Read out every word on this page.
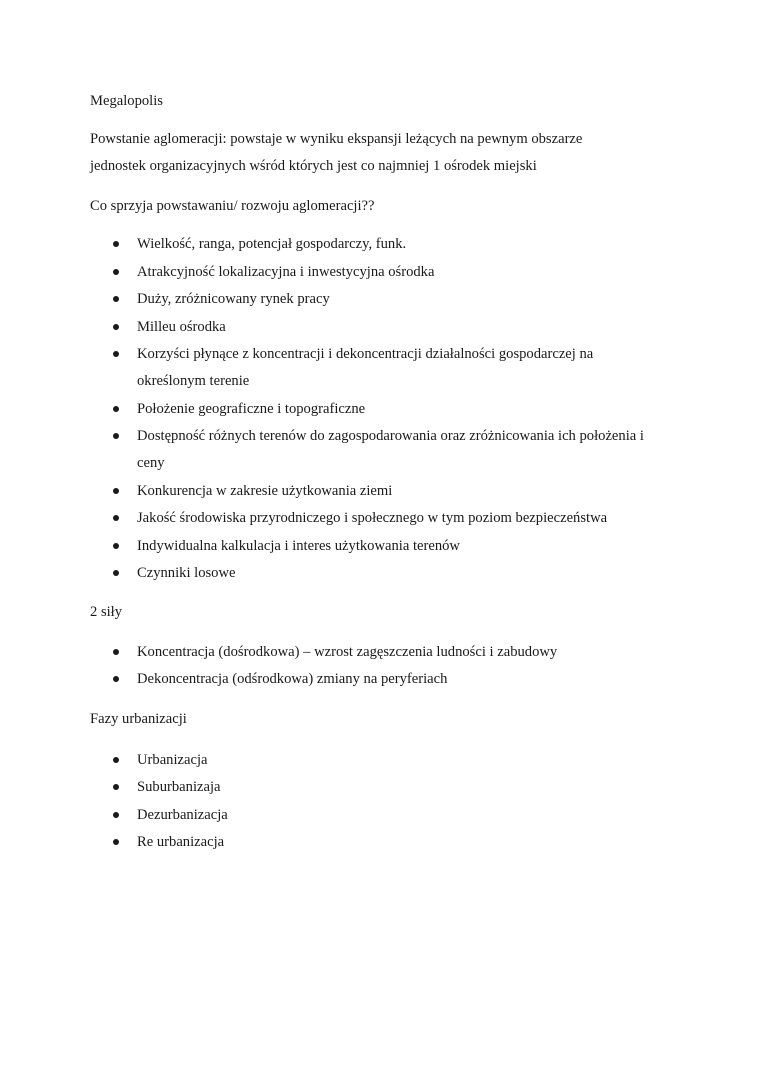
Megalopolis
Powstanie aglomeracji: powstaje w wyniku ekspansji leżących na pewnym obszarze
jednostek organizacyjnych wśród których jest co najmniej 1 ośrodek miejski
Co sprzyja powstawaniu/ rozwoju aglomeracji??
Wielkość, ranga, potencjał gospodarczy, funk.
Atrakcyjność lokalizacyjna i inwestycyjna ośrodka
Duży, zróżnicowany rynek pracy
Milleu ośrodka
Korzyści płynące z koncentracji i dekoncentracji działalności gospodarczej na
określonym terenie
Położenie geograficzne i topograficzne
Dostępność różnych terenów do zagospodarowania oraz zróżnicowania ich położenia i
ceny
Konkurencja w zakresie użytkowania ziemi
Jakość środowiska przyrodniczego i społecznego w tym poziom bezpieczeństwa
Indywidualna kalkulacja i interes użytkowania terenów
Czynniki losowe
2 siły
Koncentracja (dośrodkowa) – wzrost zagęszczenia ludności i zabudowy
Dekoncentracja (odśrodkowa) zmiany na peryferiach
Fazy urbanizacji
Urbanizacja
Suburbanizaja
Dezurbanizacja
Re urbanizacja
